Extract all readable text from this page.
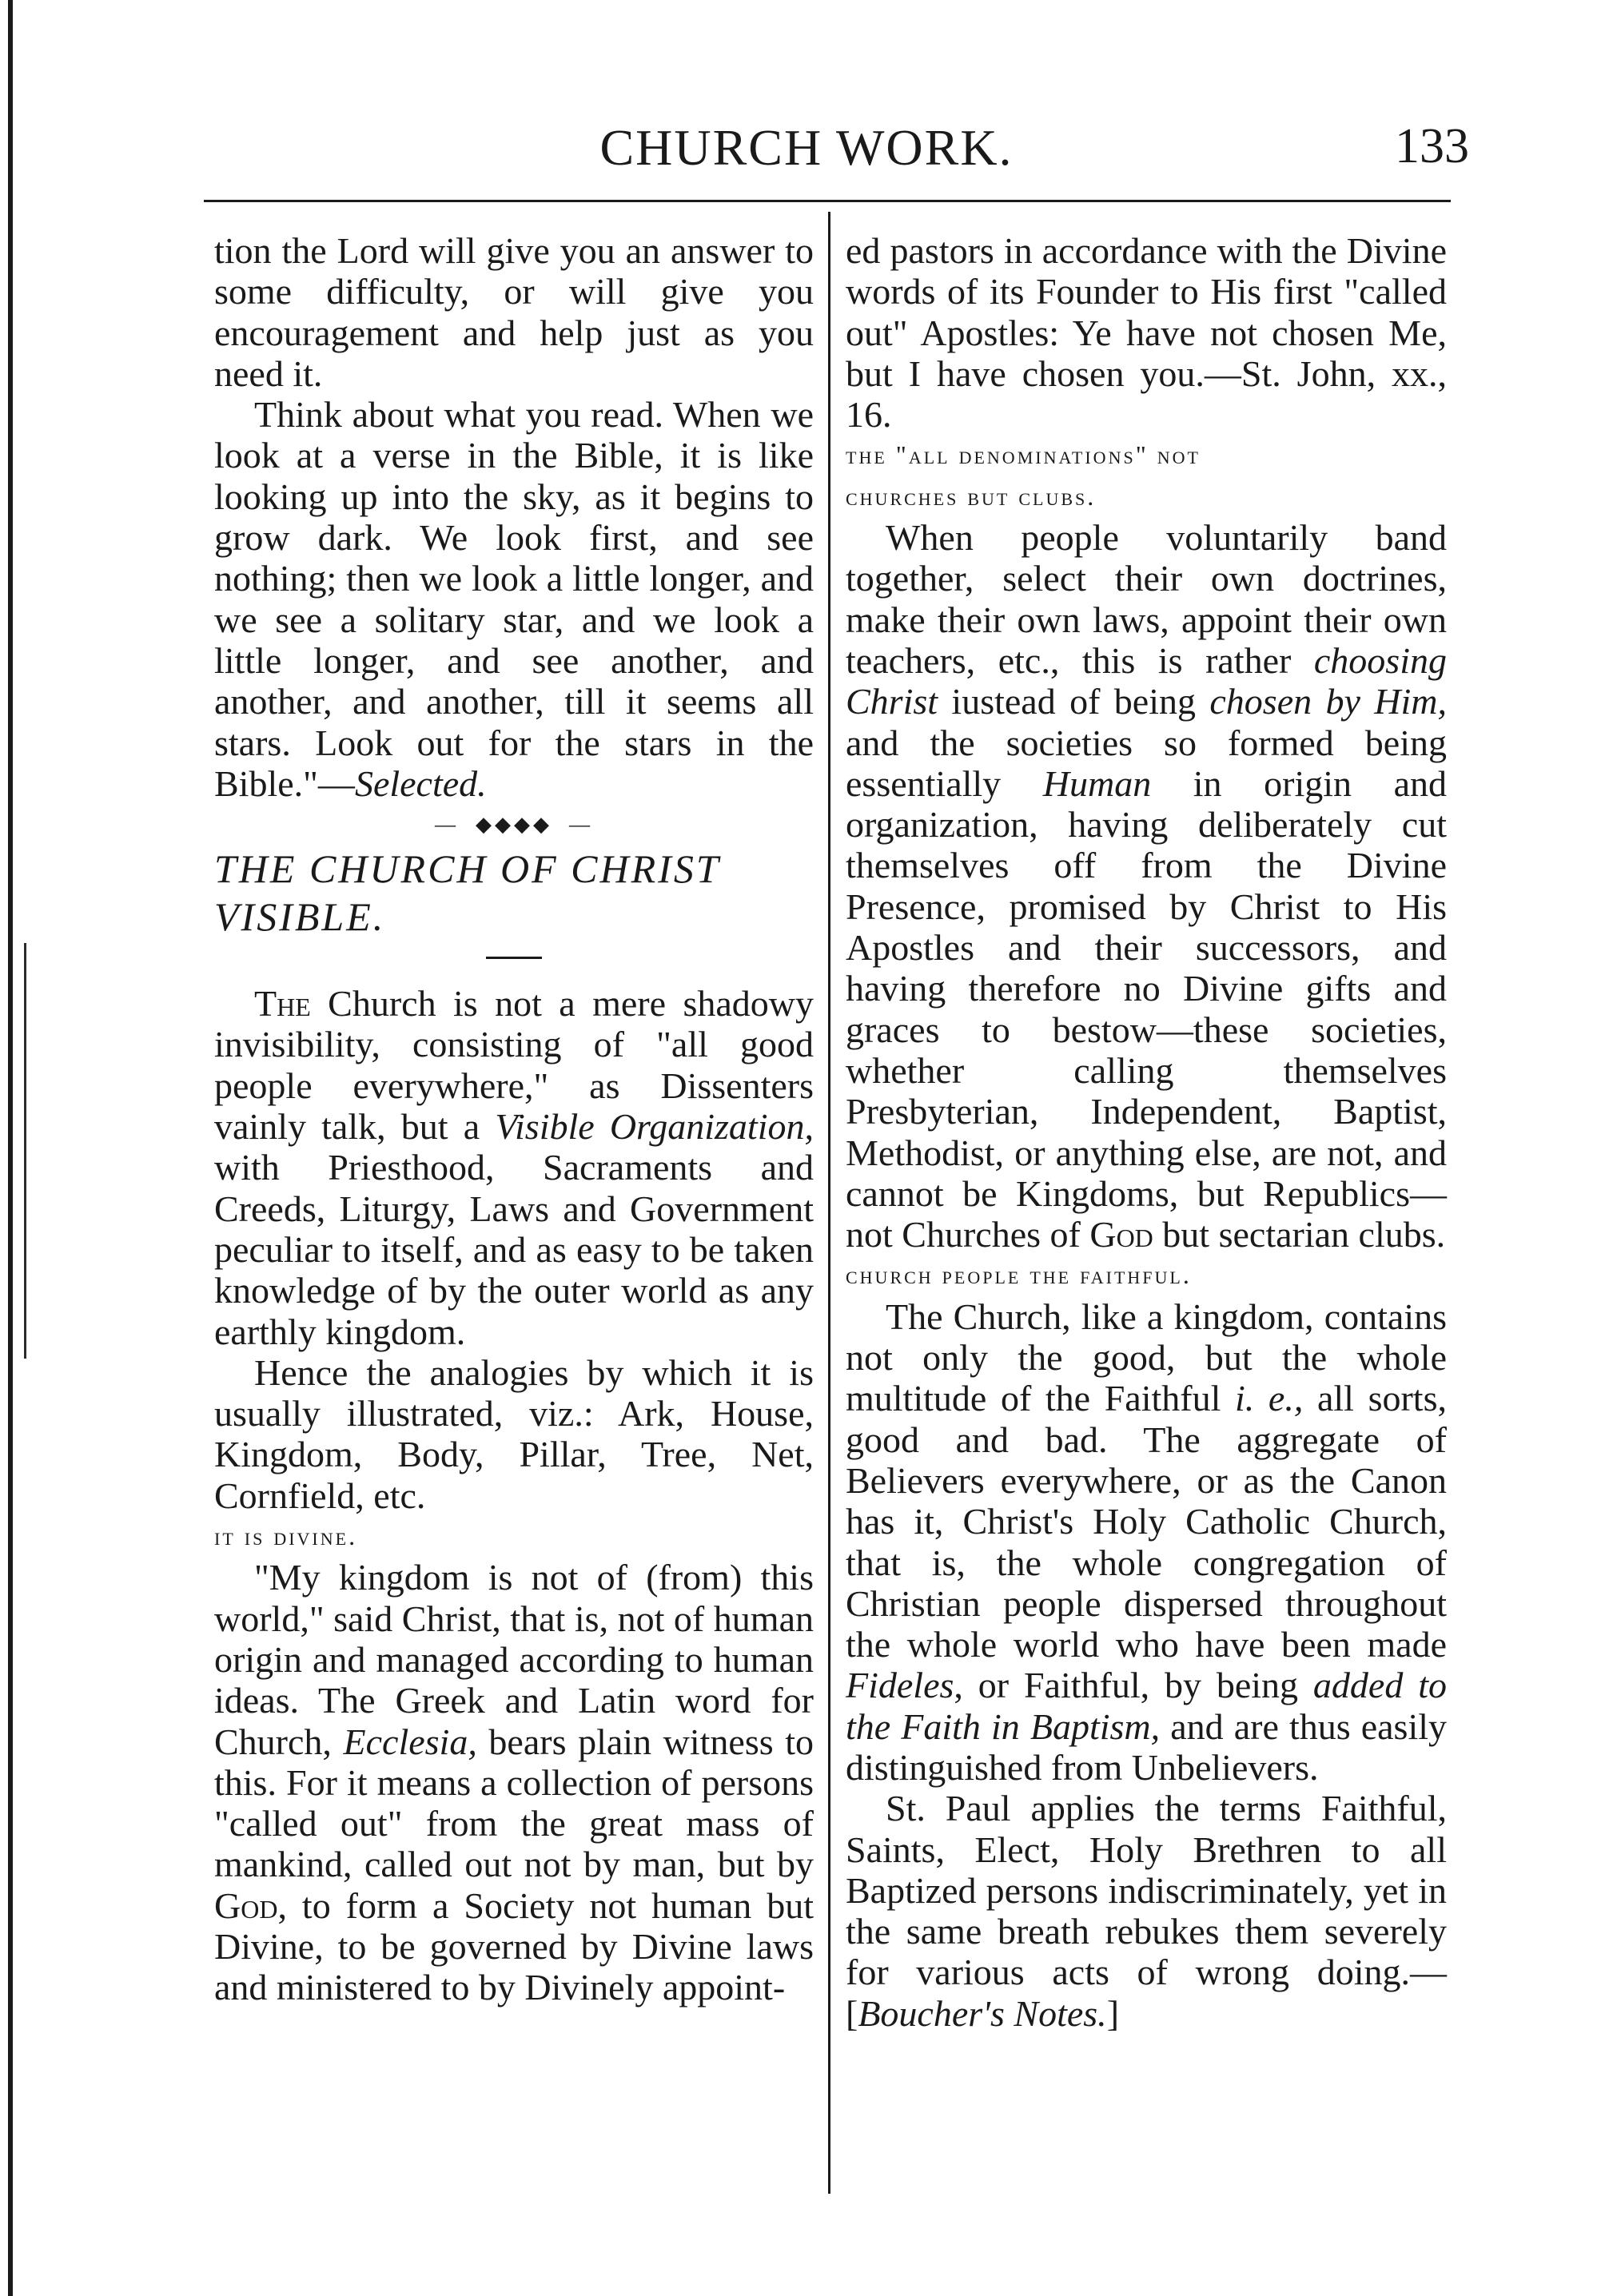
CHURCH WORK.	133

tion the Lord will give you an answer to some difficulty, or will give you encouragement and help just as you need it.

Think about what you read. When we look at a verse in the Bible, it is like looking up into the sky, as it begins to grow dark. We look first, and see nothing; then we look a little longer, and we see a solitary star, and we look a little longer, and see another, and another, and another, till it seems all stars. Look out for the stars in the Bible."—Selected.

—  ◆◆◆◆  —

THE CHURCH OF CHRIST
VISIBLE.

The Church is not a mere shadowy invisibility, consisting of "all good people everywhere," as Dissenters vainly talk, but a Visible Organization, with Priesthood, Sacraments and Creeds, Liturgy, Laws and Government peculiar to itself, and as easy to be taken knowledge of by the outer world as any earthly kingdom.

Hence the analogies by which it is usually illustrated, viz.: Ark, House, Kingdom, Body, Pillar, Tree, Net, Cornfield, etc.

it is divine.

"My kingdom is not of (from) this world," said Christ, that is, not of human origin and managed according to human ideas. The Greek and Latin word for Church, Ecclesia, bears plain witness to this. For it means a collection of persons "called out" from the great mass of mankind, called out not by man, but by God, to form a Society not human but Divine, to be governed by Divine laws and ministered to by Divinely appoint-

ed pastors in accordance with the Divine words of its Founder to His first "called out" Apostles: Ye have not chosen Me, but I have chosen you.—St. John, xx., 16.

the "all denominations" not

churches but clubs.

When people voluntarily band together, select their own doctrines, make their own laws, appoint their own teachers, etc., this is rather choosing Christ iustead of being chosen by Him, and the societies so formed being essentially Human in origin and organization, having deliberately cut themselves off from the Divine Presence, promised by Christ to His Apostles and their successors, and having therefore no Divine gifts and graces to bestow—these societies, whether calling themselves Presbyterian, Independent, Baptist, Methodist, or anything else, are not, and cannot be Kingdoms, but Republics—not Churches of God but sectarian clubs.

church people the faithful.

The Church, like a kingdom, contains not only the good, but the whole multitude of the Faithful i. e., all sorts, good and bad. The aggregate of Believers everywhere, or as the Canon has it, Christ's Holy Catholic Church, that is, the whole congregation of Christian people dispersed throughout the whole world who have been made Fideles, or Faithful, by being added to the Faith in Baptism, and are thus easily distinguished from Unbelievers.

St. Paul applies the terms Faithful, Saints, Elect, Holy Brethren to all Baptized persons indiscriminately, yet in the same breath rebukes them severely for various acts of wrong doing.—[Boucher's Notes.]
